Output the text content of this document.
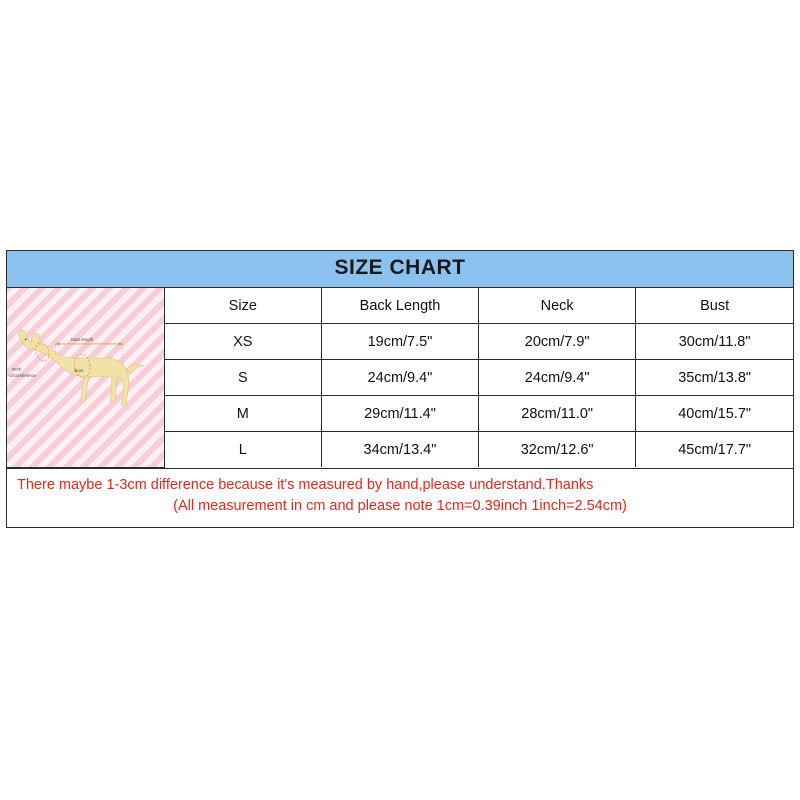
SIZE CHART
back length
neck
circumference
Bust	Size	Back Length	Neck	Bust
	XS	19cm/7.5"	20cm/7.9"	30cm/11.8"
	S	24cm/9.4"	24cm/9.4"	35cm/13.8"
	M	29cm/11.4"	28cm/11.0"	40cm/15.7"
	L	34cm/13.4"	32cm/12.6"	45cm/17.7"
There maybe 1-3cm difference because it's measured by hand,please understand.Thanks
(All measurement in cm and please note 1cm=0.39inch 1inch=2.54cm)
